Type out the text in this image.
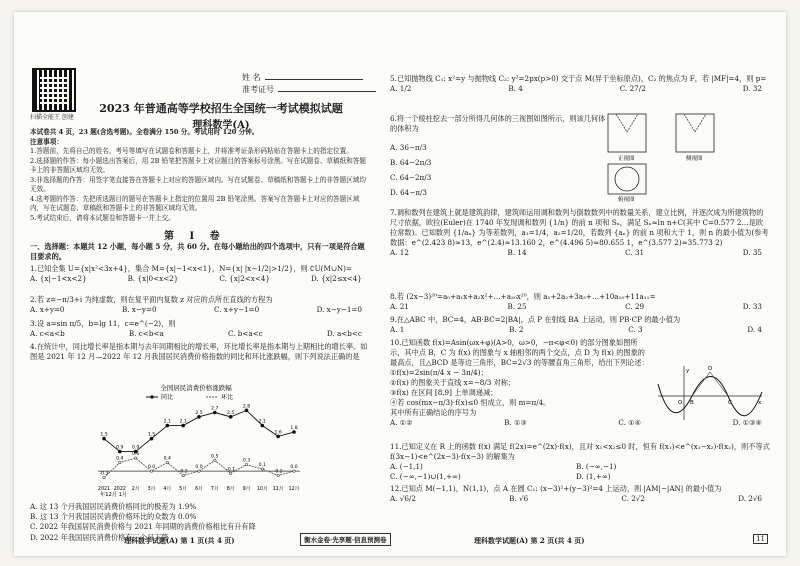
扫描全能王 创建
姓 名
准考证号
2023 年普通高等学校招生全国统一考试模拟试题
理科数学(A)
本试卷共 4 页，23 题(含选考题)。全卷满分 150 分。考试用时 120 分钟。
注意事项：
1.答题前，先将自己的姓名、考号等填写在试题卷和答题卡上，并将准考证条形码粘贴在答题卡上的指定位置。
2.选择题的作答：每小题选出答案后，用 2B 铅笔把答题卡上对应题目的答案标号涂黑。写在试题卷、草稿纸和答题卡上的非答题区域均无效。
3.非选择题的作答：用签字笔直接答在答题卡上对应的答题区域内。写在试题卷、草稿纸和答题卡上的非答题区域均无效。
4.选考题的作答：先把所选题目的题号在答题卡上指定的位置用 2B 铅笔涂黑。答案写在答题卡上对应的答题区域内，写在试题卷、草稿纸和答题卡上的非答题区域均无效。
5.考试结束后，请将本试题卷和答题卡一并上交。
第 I 卷
一、选择题：本题共 12 小题，每小题 5 分，共 60 分。在每小题给出的四个选项中，只有一项是符合题目要求的。
1.已知全集 U={x|x²<3x+4}，集合 M={x|−1<x<1}，N={x| |x−1/2|>1/2}，则 ∁U(M∪N)=
A. {x|−1<x<2}	B. {x|0<x<2}	C. {x|2<x<4}	D. {x|2≤x<4}
2.若 z=−π/3+i 为纯虚数，则在复平面内复数 z 对应的点所在直线的方程为
A. x+y=0	B. x−y=0	C. x+y−1=0	D. x−y−1=0
3.设 a=sin π/5，b=lg 11，c=e^(−2)，则
A. c<a<b	B. c<b<a	C. b<a<c	D. a<b<c
4.在统计中，同比增长率是指本期与去年同期相比的增长率，环比增长率是指本期与上期相比的增长率。如图是 2021 年 12 月—2022 年 12 月我国居民消费价格指数的同比和环比涨跌幅，则下列说法正确的是
全国居民消费价格涨跌幅
同比	环比
1.5
0.9 0.9
1.5
2.1 2.1
2.5
2.7
2.5
2.8
2.1
1.6
1.8
-0.3
0.4
0.6
0.0
0.4
-0.2
0.0
0.5
-0.1
0.3
0.1
-0.2
0.0
2021 2022 2月 3月 4月 5月 6月 7月 8月 9月 10月 11月 12月
年12月 1月
A. 这 13 个月我国居民消费价格同比的极差为 1.9%
B. 这 13 个月我国居民消费价格环比的众数为 0.0%
C. 2022 年我国居民消费价格与 2021 年同期的消费价格相比有升有降
D. 2022 年我国居民消费价格有三个月下降
理科数学试题(A) 第 1 页(共 4 页)	衡水金卷·先享题·信息预测卷
5.已知抛物线 C₁: x²=y 与抛物线 C₂: y²=2px(p>0) 交于点 M(异于坐标原点)，C₂ 的焦点为 F，若 |MF|=4，则 p=
A. 1/2	B. 4	C. 27/2	D. 32
6.将一个棱柱挖去一部分所得几何体的三视图如图所示，则该几何体的体积为
A. 36−π/3
B. 64−2π/3
C. 64−2π/3
D. 64−π/3
正视图	侧视图
俯视图
7.调和数列在建筑上就是建筑韵律，建筑师运用调和数列与倒数数列中的数量关系，建立比例，并逐次成为所建筑物的尺寸依据，欧拉(Euler)在 1740 年发现调和数列 {1/n} 的前 n 项和 Sₙ，满足 Sₙ≈ln n+C(其中 C=0.577 2…是欧拉常数)。已知数列 {1/aₙ} 为等差数列，a₁=1/4，a₂=1/20，若数列 {aₙ} 的前 n 项和大于 1，则 n 的最小值为(参考数据：e^(2.423 8)≈13，e^(2.4)≈13.160 2，e^(4.496 5)≈80.655 1，e^(3.577 2)≈35.773 2)
A. 12	B. 14	C. 31	D. 35
8.若 (2x−3)²⁰=a₀+a₁x+a₂x²+…+a₂₀x²⁰，则 a₁+2a₂+3a₃+…+10a₁₀+11a₁₁=
A. 21	B. 25	C. 29	D. 33
9.在△ABC 中，BC=4，AB·BC=2|BA|，点 P 在射线 BA 上运动，则 PB·CP 的最小值为
A. 1	B. 2	C. 3	D. 4
10.已知函数 f(x)=Asin(ωx+φ)(A>0，ω>0，−π<φ<0) 的部分图象如图所示，其中点 B，C 为 f(x) 的图象与 x 轴相邻的两个交点，点 D 为 f(x) 的图象的最高点，且△BCD 是等边三角形，BC=2√3 的等腰直角三角形，给出下列论述：
①f(x)=2sin(π/4 x − 3π/4)；
②f(x) 的图象关于直线 x=−8/3 对称；
③f(x) 在区间 [8,9] 上单调递减；
④若 cos(mx−π/3)·f(x)≤0 恒成立，则 m=π/4。
其中所有正确结论的序号为
A. ①②	B. ①③	C. ①④	D. ①③④
y
x
O B	C
D
11.已知定义在 R 上的函数 f(x) 满足 f(2x)=e^(2x)·f(x)，且对 x₁<x₂≤0 时，恒有 f(x₁)<e^(x₁−x₂)·f(x₂)，则不等式 f(3x−1)<e^(2x−3)·f(x−3) 的解集为
A. (−1,1)	B. (−∞,−1)
C. (−∞,−1)∪(1,+∞)	D. (1,+∞)
12.已知点 M(−1,1)，N(1,1)，点 A 在圆 C₁: (x−3)²+(y−3)²=4 上运动，则 |AM|−|AN| 的最小值为
A. √6/2	B. √6	C. 2√2	D. 2√6
理科数学试题(A) 第 2 页(共 4 页)	11
